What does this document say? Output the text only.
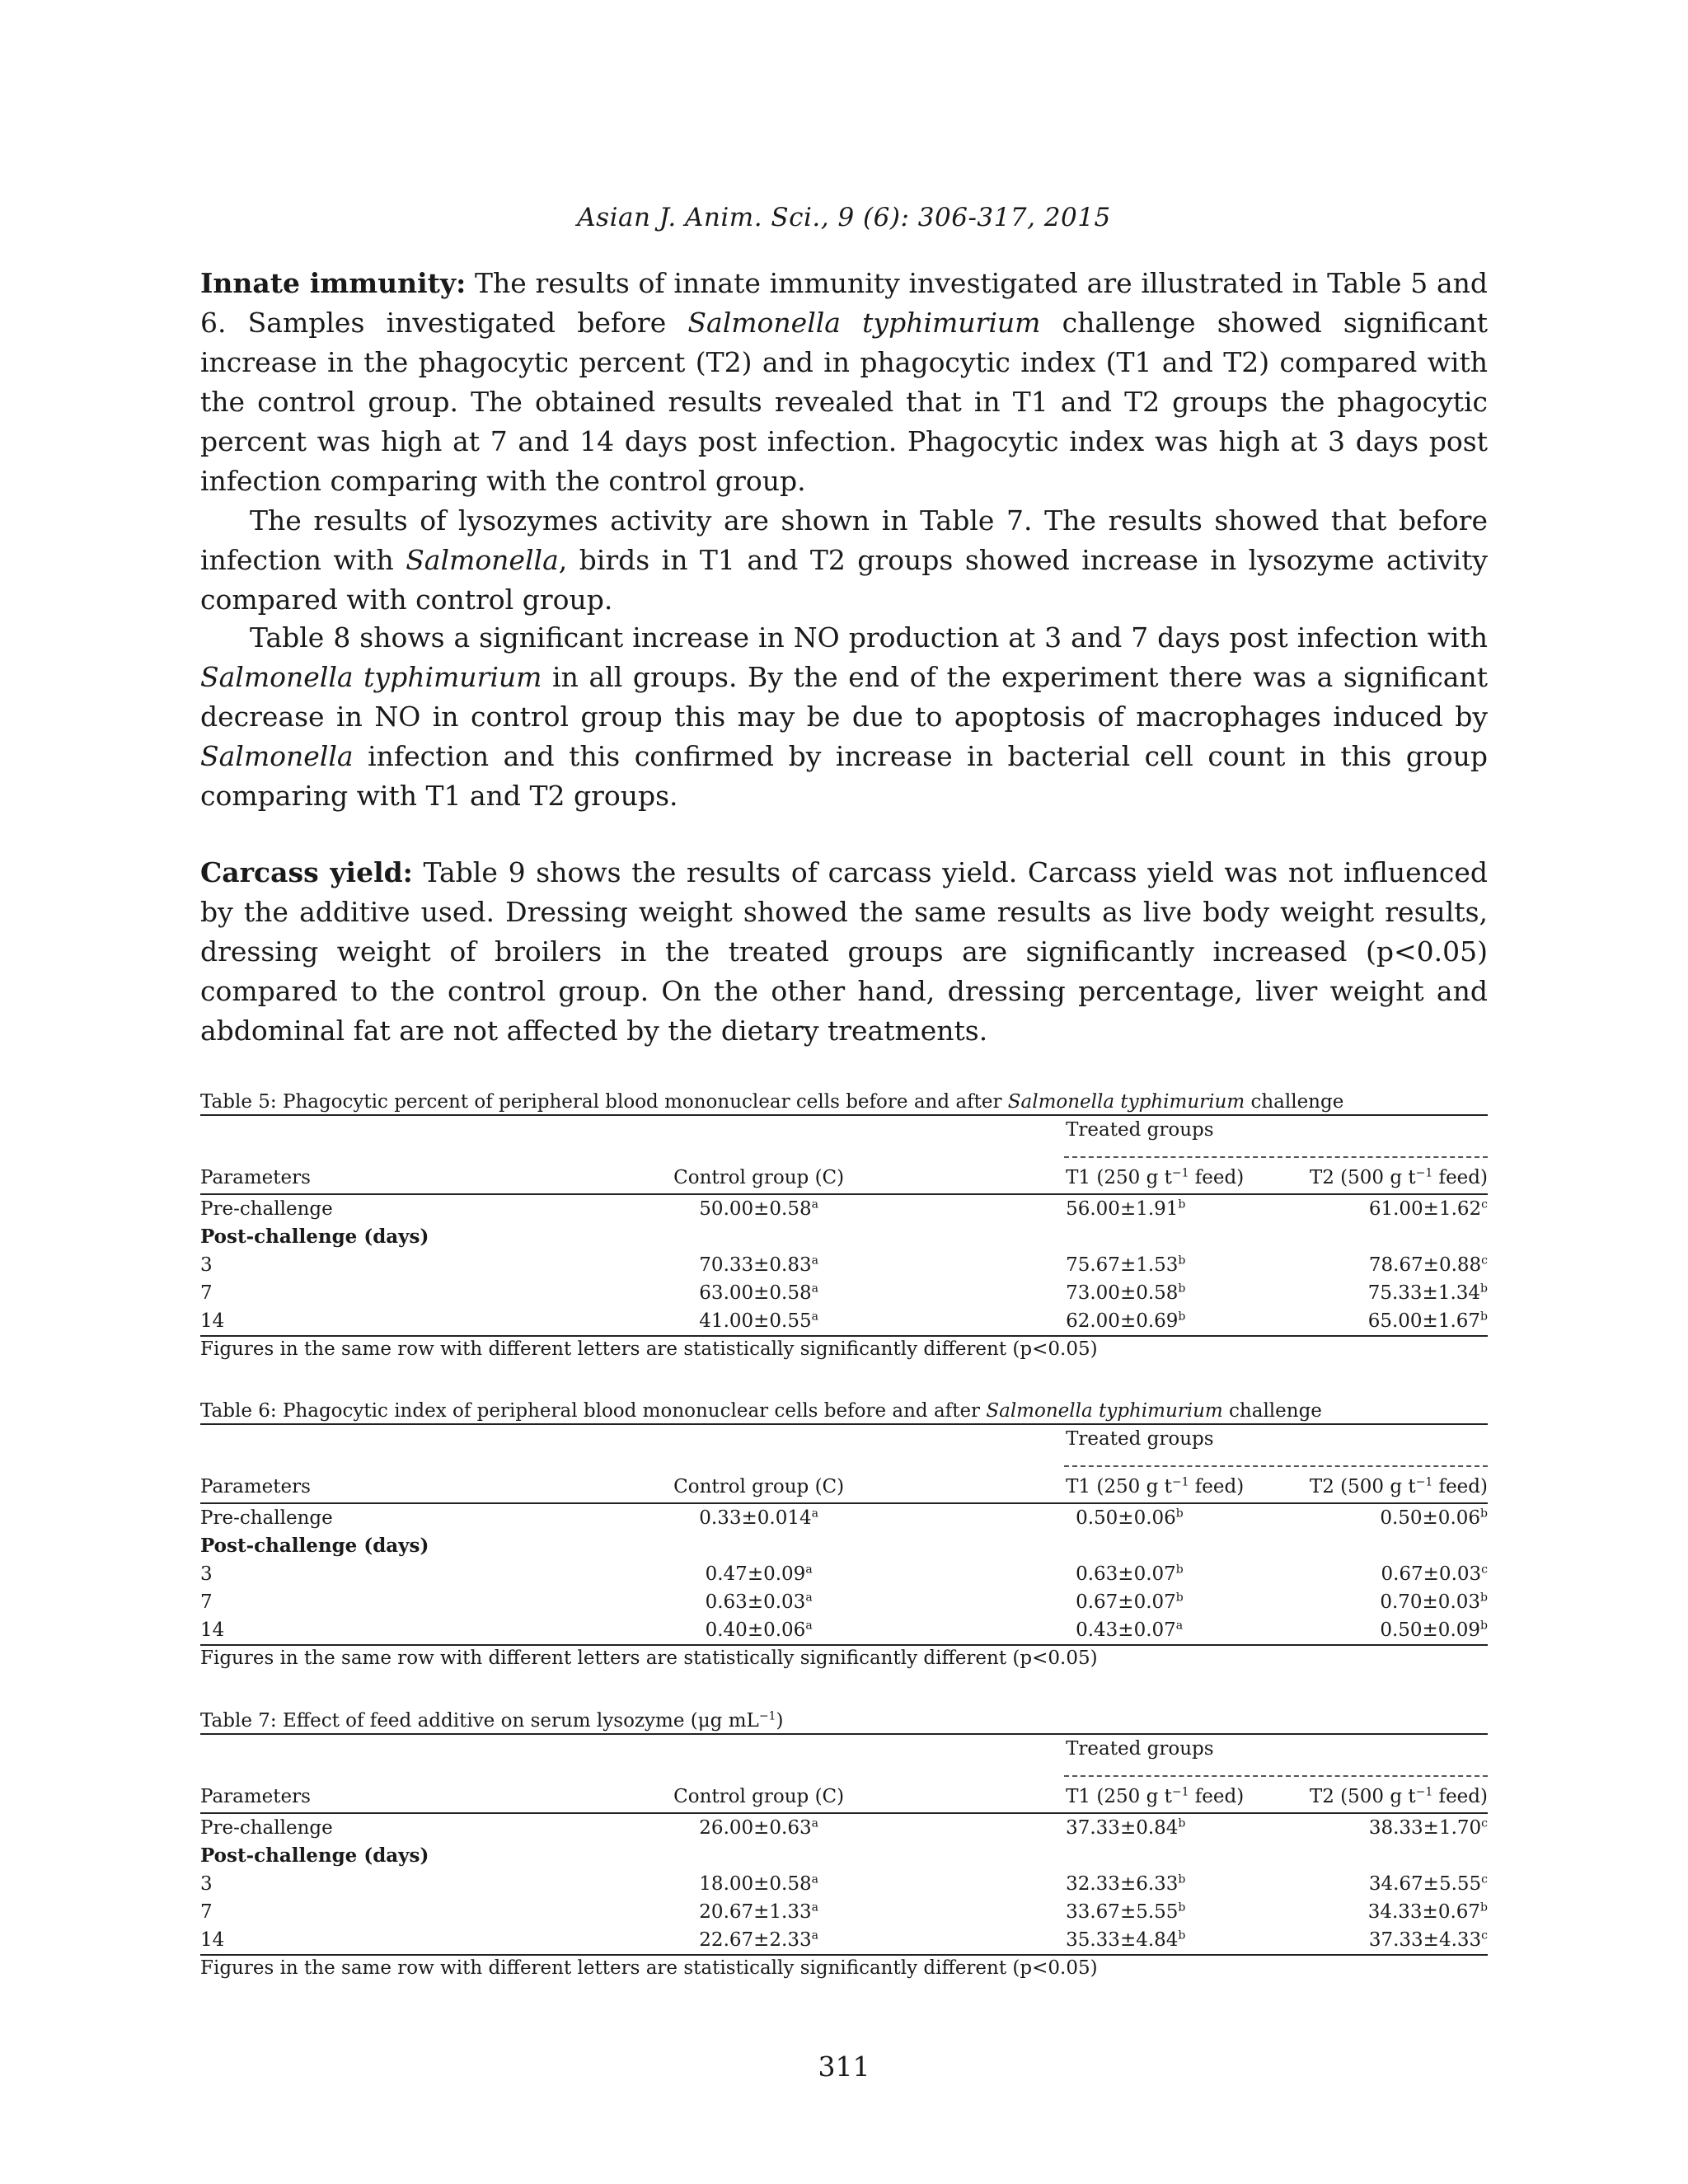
Asian J. Anim. Sci., 9 (6): 306-317, 2015

Innate immunity: The results of innate immunity investigated are illustrated in Table 5 and 6. Samples investigated before Salmonella typhimurium challenge showed significant increase in the phagocytic percent (T2) and in phagocytic index (T1 and T2) compared with the control group. The obtained results revealed that in T1 and T2 groups the phagocytic percent was high at 7 and 14 days post infection. Phagocytic index was high at 3 days post infection comparing with the control group.

The results of lysozymes activity are shown in Table 7. The results showed that before infection with Salmonella, birds in T1 and T2 groups showed increase in lysozyme activity compared with control group.

Table 8 shows a significant increase in NO production at 3 and 7 days post infection with Salmonella typhimurium in all groups. By the end of the experiment there was a significant decrease in NO in control group this may be due to apoptosis of macrophages induced by Salmonella infection and this confirmed by increase in bacterial cell count in this group comparing with T1 and T2 groups.

Carcass yield: Table 9 shows the results of carcass yield. Carcass yield was not influenced by the additive used. Dressing weight showed the same results as live body weight results, dressing weight of broilers in the treated groups are significantly increased (p<0.05) compared to the control group. On the other hand, dressing percentage, liver weight and abdominal fat are not affected by the dietary treatments.

Table 5: Phagocytic percent of peripheral blood mononuclear cells before and after Salmonella typhimurium challenge
		Treated groups	

Parameters	Control group (C)	T1 (250 g $t^{-1}$ feed)	T2 (500 g $t^{-1}$ feed)
Pre-challenge	50.00±0.58$^a$	56.00±1.91$^b$	61.00±1.62$^c$
Post-challenge (days)			
3	70.33±0.83$^a$	75.67±1.53$^b$	78.67±0.88$^c$
7	63.00±0.58$^a$	73.00±0.58$^b$	75.33±1.34$^b$
14	41.00±0.55$^a$	62.00±0.69$^b$	65.00±1.67$^b$
Figures in the same row with different letters are statistically significantly different (p<0.05)
Table 6: Phagocytic index of peripheral blood mononuclear cells before and after Salmonella typhimurium challenge
		Treated groups	

Parameters	Control group (C)	T1 (250 g $t^{-1}$ feed)	T2 (500 g $t^{-1}$ feed)
Pre-challenge	0.33±0.014$^a$	0.50±0.06$^b$	0.50±0.06$^b$
Post-challenge (days)			
3	0.47±0.09$^a$	0.63±0.07$^b$	0.67±0.03$^c$
7	0.63±0.03$^a$	0.67±0.07$^b$	0.70±0.03$^b$
14	0.40±0.06$^a$	0.43±0.07$^a$	0.50±0.09$^b$
Figures in the same row with different letters are statistically significantly different (p<0.05)
Table 7: Effect of feed additive on serum lysozyme (μg $mL^{-1}$)
		Treated groups	

Parameters	Control group (C)	T1 (250 g $t^{-1}$ feed)	T2 (500 g $t^{-1}$ feed)
Pre-challenge	26.00±0.63$^a$	37.33±0.84$^b$	38.33±1.70$^c$
Post-challenge (days)			
3	18.00±0.58$^a$	32.33±6.33$^b$	34.67±5.55$^c$
7	20.67±1.33$^a$	33.67±5.55$^b$	34.33±0.67$^b$
14	22.67±2.33$^a$	35.33±4.84$^b$	37.33±4.33$^c$
Figures in the same row with different letters are statistically significantly different (p<0.05)
311
